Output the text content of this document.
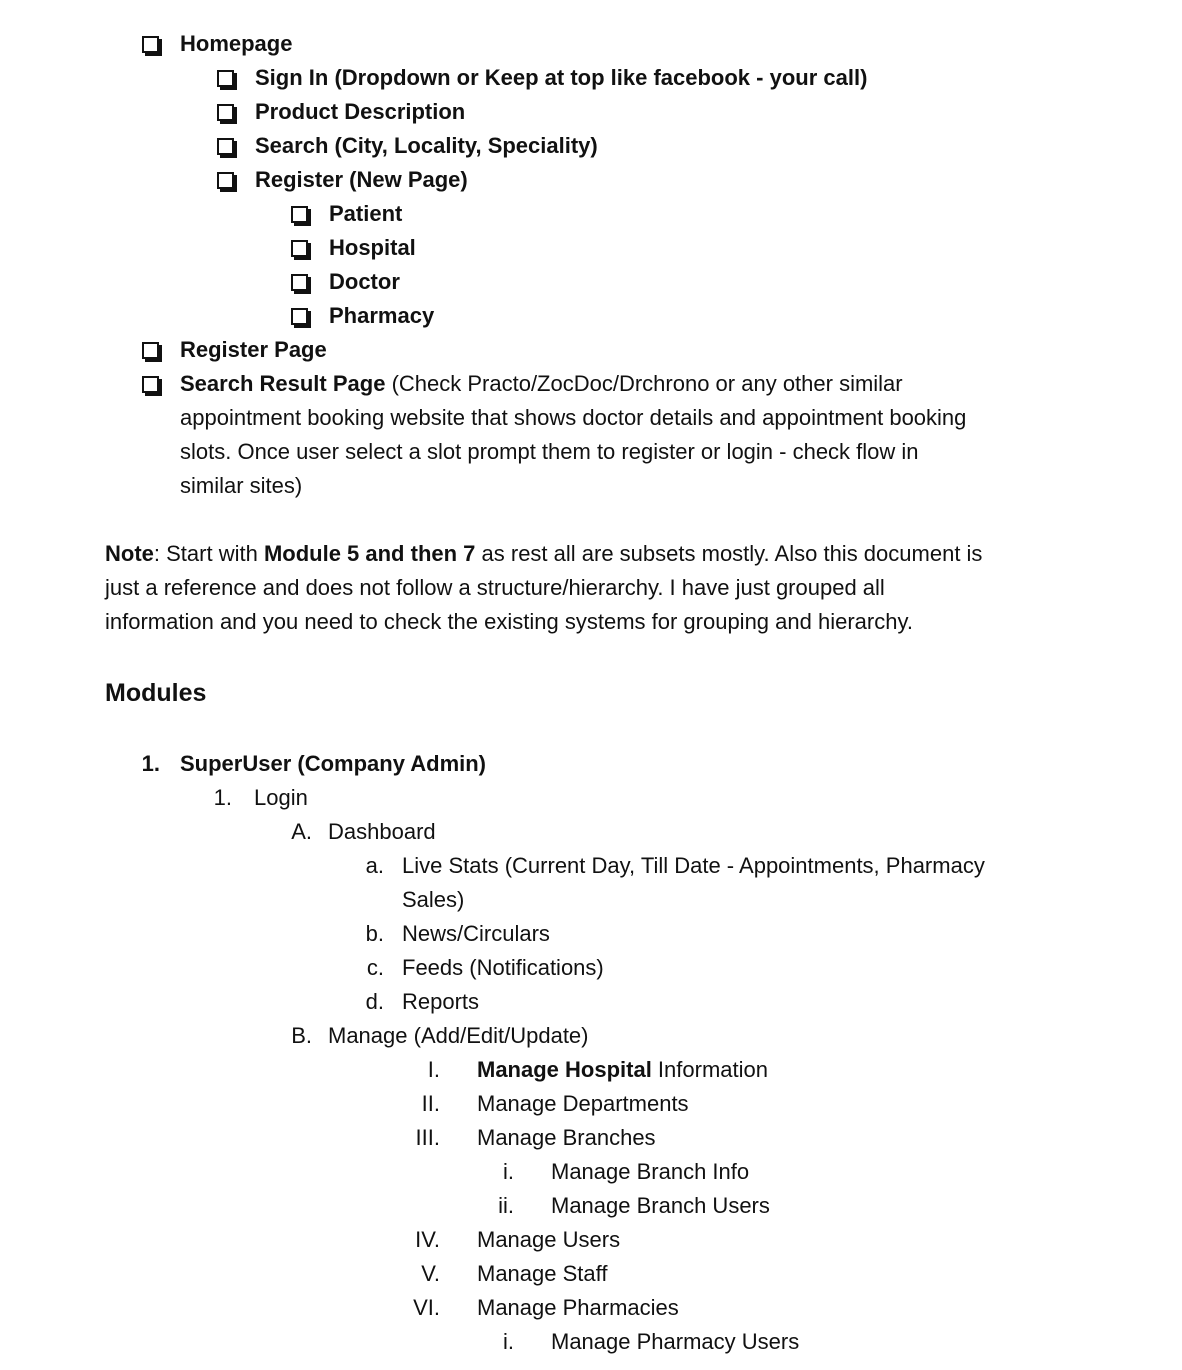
Homepage
Sign In (Dropdown or Keep at top like facebook - your call)
Product Description
Search (City, Locality, Speciality)
Register (New Page)
Patient
Hospital
Doctor
Pharmacy
Register Page
Search Result Page (Check Practo/ZocDoc/Drchrono or any other similar
appointment booking website that shows doctor details and appointment booking
slots. Once user select a slot prompt them to register or login - check flow in
similar sites)
Note: Start with Module 5 and then 7 as rest all are subsets mostly. Also this document is
just a reference and does not follow a structure/hierarchy. I have just grouped all
information and you need to check the existing systems for grouping and hierarchy.
Modules
1. SuperUser (Company Admin)
1. Login
A. Dashboard
a. Live Stats (Current Day, Till Date - Appointments, Pharmacy
Sales)
b. News/Circulars
c. Feeds (Notifications)
d. Reports
B. Manage (Add/Edit/Update)
I. Manage Hospital Information
II. Manage Departments
III. Manage Branches
i. Manage Branch Info
ii. Manage Branch Users
IV. Manage Users
V. Manage Staff
VI. Manage Pharmacies
i. Manage Pharmacy Users
